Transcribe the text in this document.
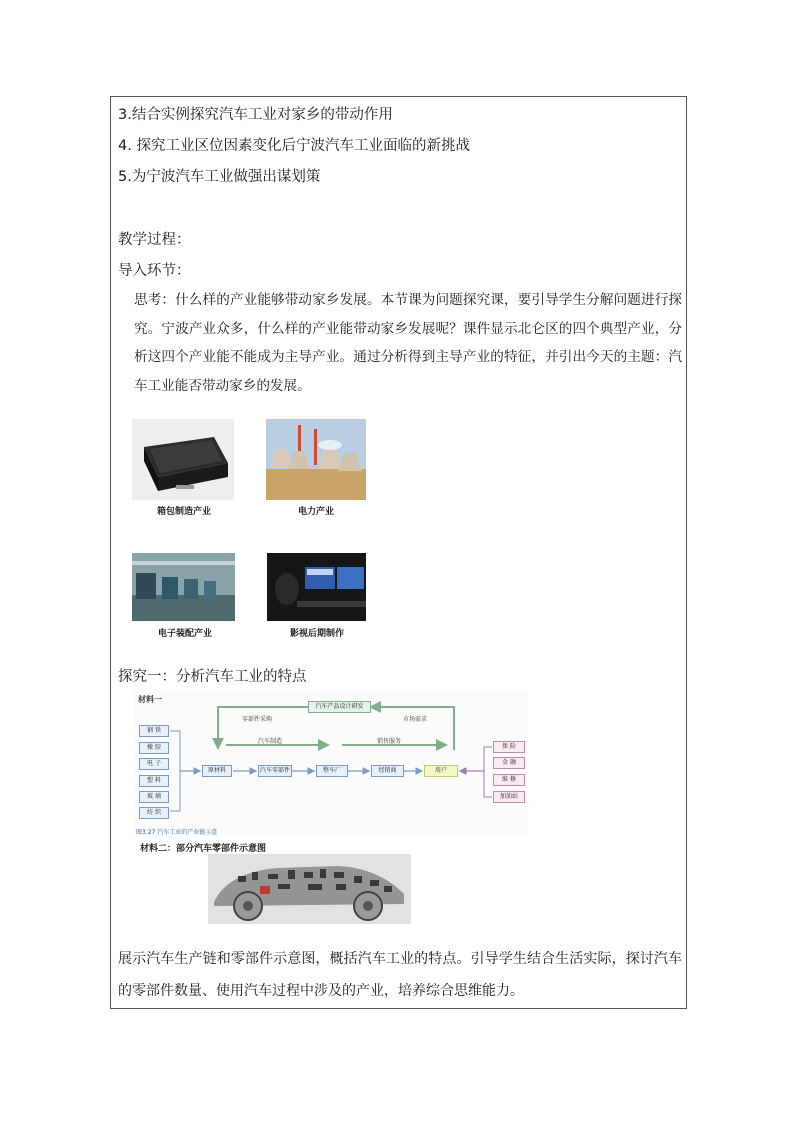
3.结合实例探究汽车工业对家乡的带动作用
4. 探究工业区位因素变化后宁波汽车工业面临的新挑战
5.为宁波汽车工业做强出谋划策
教学过程：
导入环节：
思考：什么样的产业能够带动家乡发展。本节课为问题探究课，要引导学生分解问题进行探究。宁波产业众多，什么样的产业能带动家乡发展呢？课件显示北仑区的四个典型产业，分析这四个产业能不能成为主导产业。通过分析得到主导产业的特征，并引出今天的主题：汽车工业能否带动家乡的发展。
箱包制造产业	电力产业
电子装配产业	影视后期制作
探究一：分析汽车工业的特点
材料一
汽车产品设计研发
零部件采购	市场需求
汽车制造	销售服务
钢 铁
橡 胶
电 子
塑 料
玻 璃
纺 织
原材料	汽车零部件	整车厂	经销商	用户
保 险
金 融
维 修
加油站
图3.27 汽车工业的产业链示意
材料二：部分汽车零部件示意图
展示汽车生产链和零部件示意图，概括汽车工业的特点。引导学生结合生活实际，探讨汽车的零部件数量、使用汽车过程中涉及的产业，培养综合思维能力。
